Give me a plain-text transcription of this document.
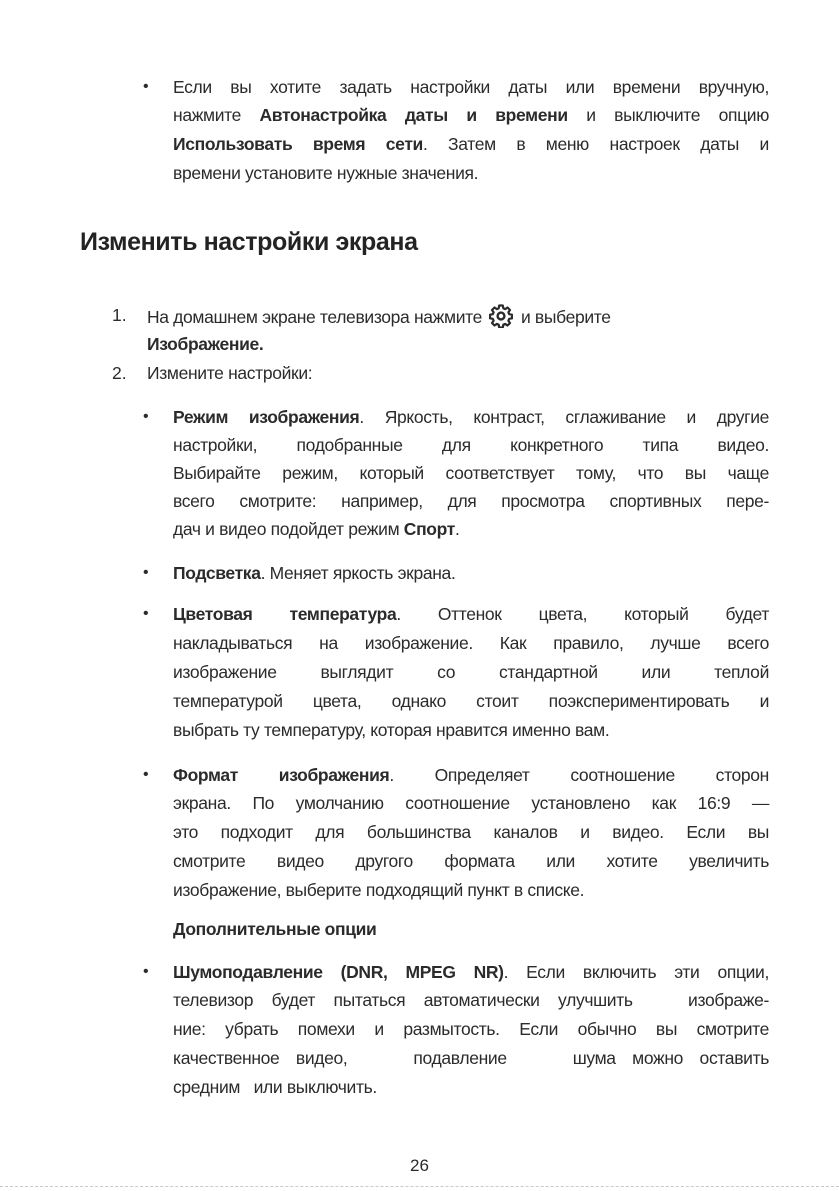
• Если вы хотите задать настройки даты или времени вручную,
нажмите Автонастройка даты и времени и выключите опцию
Использовать время сети. Затем в меню настроек даты и
времени установите нужные значения.
Изменить настройки экрана
1. На домашнем экране телевизора нажмите и выберите
Изображение.
2. Измените настройки:
• Режим изображения. Яркость, контраст, сглаживание и другие
настройки, подобранные для конкретного типа видео.
Выбирайте режим, который соответствует тому, что вы чаще
всего смотрите: например, для просмотра спортивных пере-
дач и видео подойдет режим Спорт.
• Подсветка. Меняет яркость экрана.
• Цветовая температура. Оттенок цвета, который будет
накладываться на изображение. Как правило, лучше всего
изображение выглядит со стандартной или теплой
температурой цвета, однако стоит поэкспериментировать и
выбрать ту температуру, которая нравится именно вам.
• Формат изображения. Определяет соотношение сторон
экрана. По умолчанию соотношение установлено как 16:9 —
это подходит для большинства каналов и видео. Если вы
смотрите видео другого формата или хотите увеличить
изображение, выберите подходящий пункт в списке.
Дополнительные опции
• Шумоподавление (DNR, MPEG NR). Если включить эти опции,
телевизор будет пытаться автоматически улучшить   изображе-
ние: убрать помехи и размытость. Если обычно вы смотрите
качественное видео,    подавление    шума можно оставить
средним   или выключить.
26
